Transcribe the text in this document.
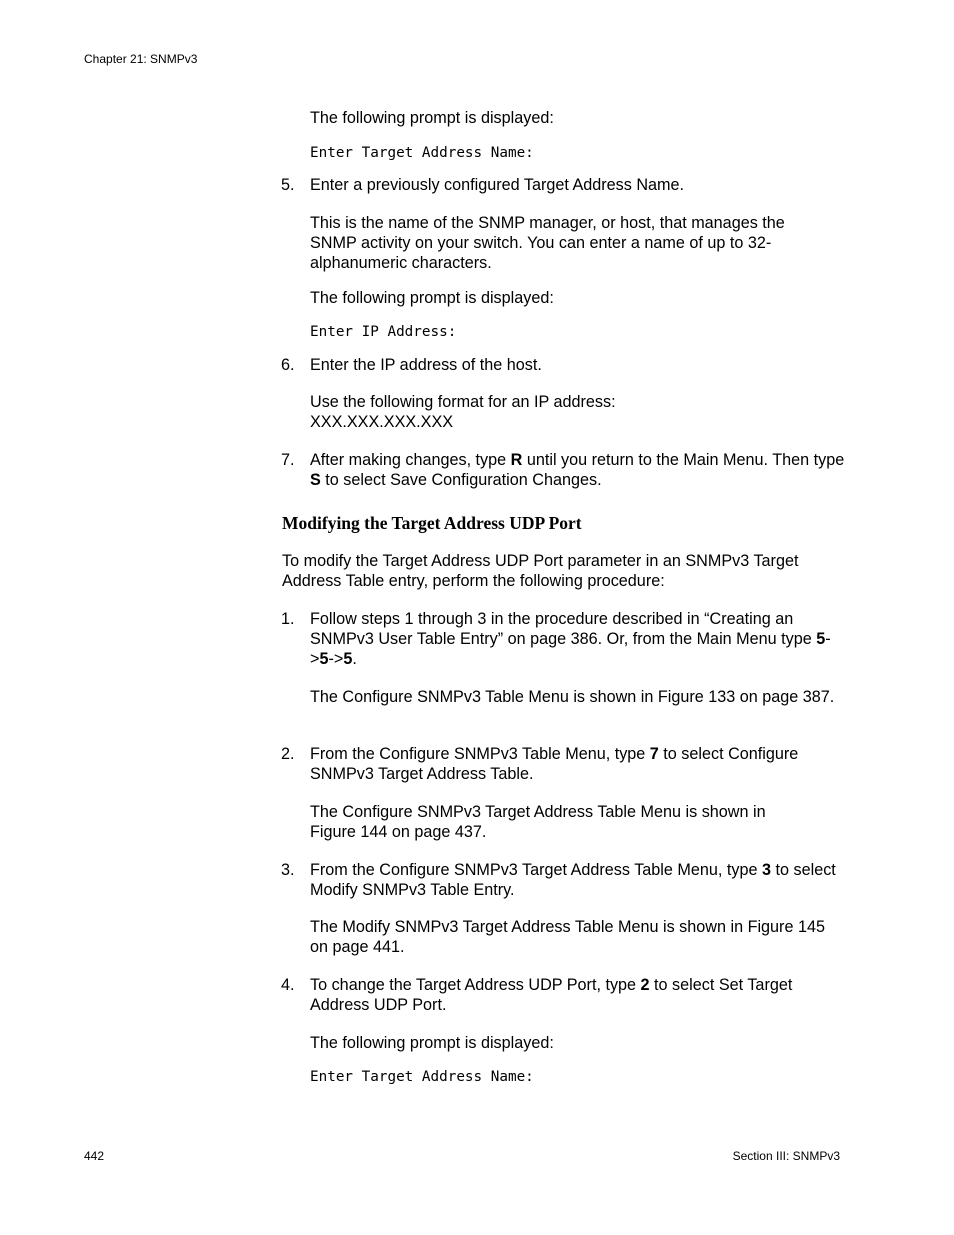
Chapter 21: SNMPv3
442	Section III: SNMPv3

The following prompt is displayed:

Enter Target Address Name:

5. Enter a previously configured Target Address Name.

This is the name of the SNMP manager, or host, that manages the SNMP activity on your switch. You can enter a name of up to 32-alphanumeric characters.

The following prompt is displayed:

Enter IP Address:

6. Enter the IP address of the host.

Use the following format for an IP address:

XXX.XXX.XXX.XXX

7. After making changes, type R until you return to the Main Menu. Then type S to select Save Configuration Changes.

Modifying the Target Address UDP Port

To modify the Target Address UDP Port parameter in an SNMPv3 Target Address Table entry, perform the following procedure:

1. Follow steps 1 through 3 in the procedure described in “Creating an SNMPv3 User Table Entry” on page 386. Or, from the Main Menu type 5->5->5.

The Configure SNMPv3 Table Menu is shown in Figure 133 on page 387.

2. From the Configure SNMPv3 Table Menu, type 7 to select Configure SNMPv3 Target Address Table.

The Configure SNMPv3 Target Address Table Menu is shown in Figure 144 on page 437.

3. From the Configure SNMPv3 Target Address Table Menu, type 3 to select Modify SNMPv3 Table Entry.

The Modify SNMPv3 Target Address Table Menu is shown in Figure 145 on page 441.

4. To change the Target Address UDP Port, type 2 to select Set Target Address UDP Port.

The following prompt is displayed:

Enter Target Address Name:
